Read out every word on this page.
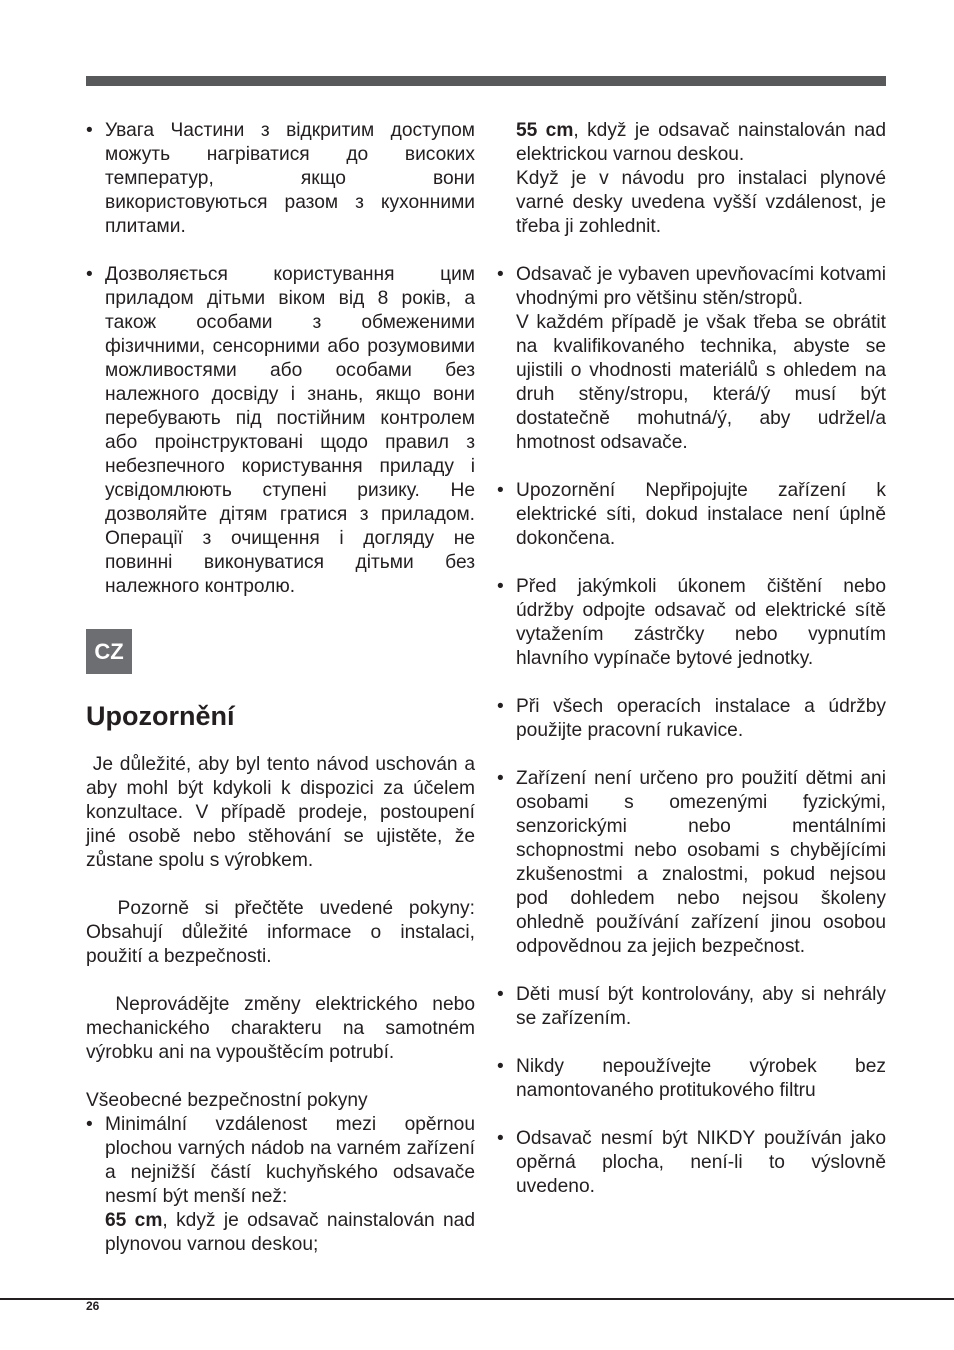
• Увага Частини з відкритим доступом можуть нагріватися до високих температур, якщо вони використовуються разом з кухонними плитами.

• Дозволяється користування цим приладом дітьми віком від 8 років, а також особами з обмеженими фізичними, сенсорними або розумовими можливостями або особами без належного досвіду і знань, якщо вони перебувають під постійним контролем або проінструктовані щодо правил з небезпечного користування приладу і усвідомлюють ступені ризику. Не дозволяйте дітям гратися з приладом. Операції з очищення і догляду не повинні виконуватися дітьми без належного контролю.

CZ
Upozornění

Je důležité, aby byl tento návod uschován a aby mohl být kdykoli k dispozici za účelem  konzultace. V případě prodeje, postoupení jiné osobě nebo stěhování se ujistěte, že zůstane spolu s výrobkem.

Pozorně si přečtěte uvedené pokyny: Obsahují důležité informace o instalaci, použití a bezpečnosti.

Neprovádějte změny elektrického nebo mechanického charakteru na samotném výrobku ani na vypouštěcím potrubí.

Všeobecné bezpečnostní pokyny
• Minimální vzdálenost mezi opěrnou plochou varných nádob na varném zařízení a nejnižší částí kuchyňského odsavače nesmí být menší než:

65 cm, když je odsavač nainstalován nad plynovou varnou deskou;

55 cm, když je odsavač nainstalován nad elektrickou varnou deskou.

Když je v návodu pro instalaci plynové varné desky uvedena vyšší vzdálenost, je třeba ji zohlednit.

• Odsavač je vybaven upevňovacími kotvami vhodnými pro většinu stěn/stropů.

V každém případě je však třeba se obrátit na kvalifikovaného technika, abyste se ujistili o vhodnosti materiálů s ohledem na druh stěny/stropu, která/ý musí být dostatečně mohutná/ý, aby udržel/a hmotnost odsavače.

• Upozornění Nepřipojujte zařízení k elektrické síti, dokud instalace není úplně dokončena.

• Před jakýmkoli úkonem čištění nebo údržby odpojte odsavač od elektrické sítě vytažením zástrčky nebo vypnutím hlavního vypínače bytové jednotky.

• Při všech operacích instalace a údržby použijte pracovní rukavice.

• Zařízení není určeno pro použití dětmi ani osobami s omezenými fyzickými, senzorickými nebo mentálními schopnostmi nebo osobami s chybějícími zkušenostmi a znalostmi, pokud nejsou pod dohledem nebo nejsou školeny ohledně používání zařízení jinou osobou odpovědnou za jejich bezpečnost.

• Děti musí být kontrolovány, aby si nehrály se zařízením.

• Nikdy nepoužívejte výrobek bez namontovaného protitukového filtru

• Odsavač nesmí být NIKDY používán jako opěrná plocha, není-li to výslovně uvedeno.

26
